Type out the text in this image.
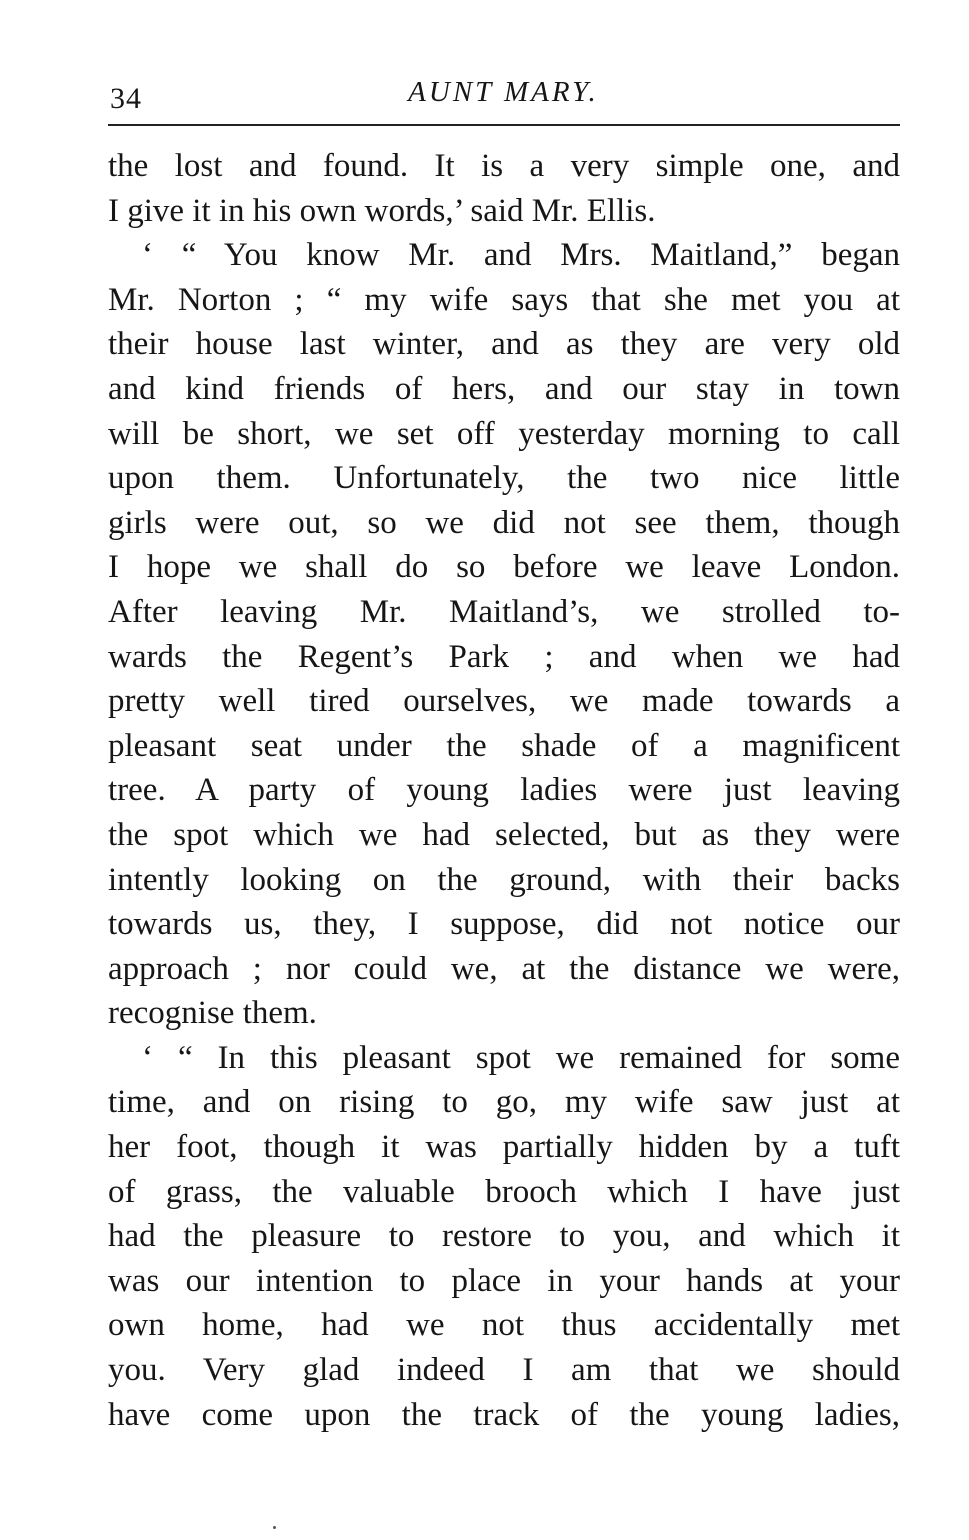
34	AUNT MARY.
the lost and found. It is a very simple one, and
I give it in his own words,’ said Mr. Ellis.
‘ “ You know Mr. and Mrs. Maitland,” began
Mr. Norton ; “ my wife says that she met you at
their house last winter, and as they are very old
and kind friends of hers, and our stay in town
will be short, we set off yesterday morning to call
upon them. Unfortunately, the two nice little
girls were out, so we did not see them, though
I hope we shall do so before we leave London.
After leaving Mr. Maitland’s, we strolled to-
wards the Regent’s Park ; and when we had
pretty well tired ourselves, we made towards a
pleasant seat under the shade of a magnificent
tree. A party of young ladies were just leaving
the spot which we had selected, but as they were
intently looking on the ground, with their backs
towards us, they, I suppose, did not notice our
approach ; nor could we, at the distance we were,
recognise them.
‘ “ In this pleasant spot we remained for some
time, and on rising to go, my wife saw just at
her foot, though it was partially hidden by a tuft
of grass, the valuable brooch which I have just
had the pleasure to restore to you, and which it
was our intention to place in your hands at your
own home, had we not thus accidentally met
you. Very glad indeed I am that we should
have come upon the track of the young ladies,
